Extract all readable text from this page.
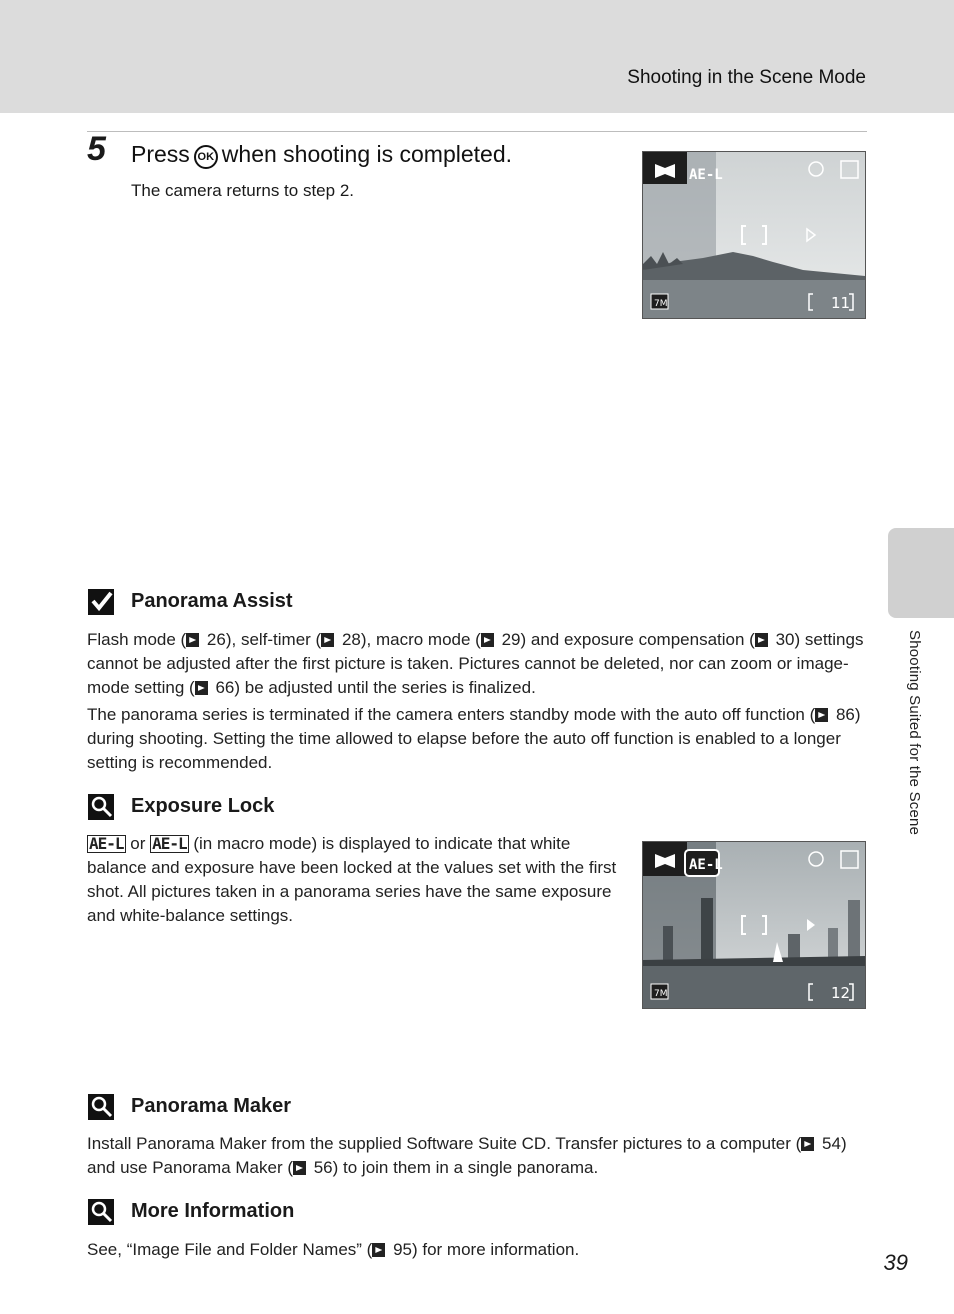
Shooting in the Scene Mode
Shooting Suited for the Scene
5 Press OK when shooting is completed.
The camera returns to step 2.
AE-L
7M	11
Panorama Assist
Flash mode ( 26), self-timer ( 28), macro mode ( 29) and exposure compensation ( 30) settings cannot be adjusted after the first picture is taken. Pictures cannot be deleted, nor can zoom or image-mode setting ( 66) be adjusted until the series is finalized.
The panorama series is terminated if the camera enters standby mode with the auto off function ( 86) during shooting. Setting the time allowed to elapse before the auto off function is enabled to a longer setting is recommended.
Exposure Lock
AE-L or AE-L (in macro mode) is displayed to indicate that white balance and exposure have been locked at the values set with the first shot. All pictures taken in a panorama series have the same exposure and white-balance settings.
AE-L
7M	12
Panorama Maker
Install Panorama Maker from the supplied Software Suite CD. Transfer pictures to a computer ( 54) and use Panorama Maker ( 56) to join them in a single panorama.
More Information
See, “Image File and Folder Names” ( 95) for more information.
39
